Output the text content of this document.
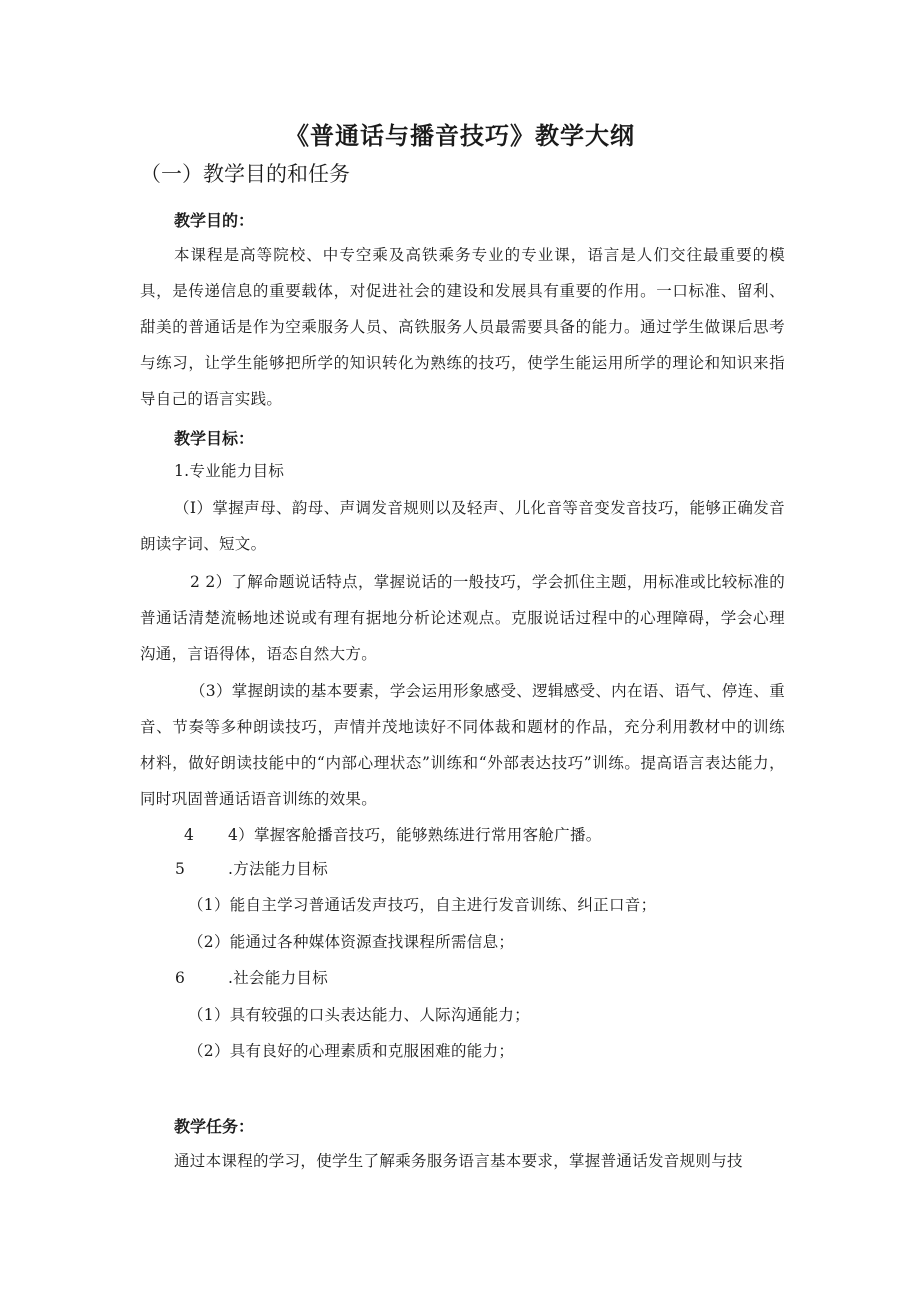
《普通话与播音技巧》教学大纲
（一）教学目的和任务
教学目的：
本课程是高等院校、中专空乘及高铁乘务专业的专业课，语言是人们交往最重要的模具，是传递信息的重要载体，对促进社会的建设和发展具有重要的作用。一口标准、留利、甜美的普通话是作为空乘服务人员、高铁服务人员最需要具备的能力。通过学生做课后思考与练习，让学生能够把所学的知识转化为熟练的技巧，使学生能运用所学的理论和知识来指导自己的语言实践。
教学目标：
1.专业能力目标
（I）掌握声母、韵母、声调发音规则以及轻声、儿化音等音变发音技巧，能够正确发音朗读字词、短文。
2 2）了解命题说话特点，掌握说话的一般技巧，学会抓住主题，用标准或比较标准的普通话清楚流畅地述说或有理有据地分析论述观点。克服说话过程中的心理障碍，学会心理沟通，言语得体，语态自然大方。
（3）掌握朗读的基本要素，学会运用形象感受、逻辑感受、内在语、语气、停连、重音、节奏等多种朗读技巧，声情并茂地读好不同体裁和题材的作品，充分利用教材中的训练材料，做好朗读技能中的“内部心理状态”训练和“外部表达技巧”训练。提高语言表达能力，同时巩固普通话语音训练的效果。
4 4）掌握客舱播音技巧，能够熟练进行常用客舱广播。
5	.方法能力目标
（1）能自主学习普通话发声技巧，自主进行发音训练、纠正口音；
（2）能通过各种媒体资源查找课程所需信息；
6	.社会能力目标
（1）具有较强的口头表达能力、人际沟通能力；
（2）具有良好的心理素质和克服困难的能力；
教学任务：
通过本课程的学习，使学生了解乘务服务语言基本要求，掌握普通话发音规则与技
